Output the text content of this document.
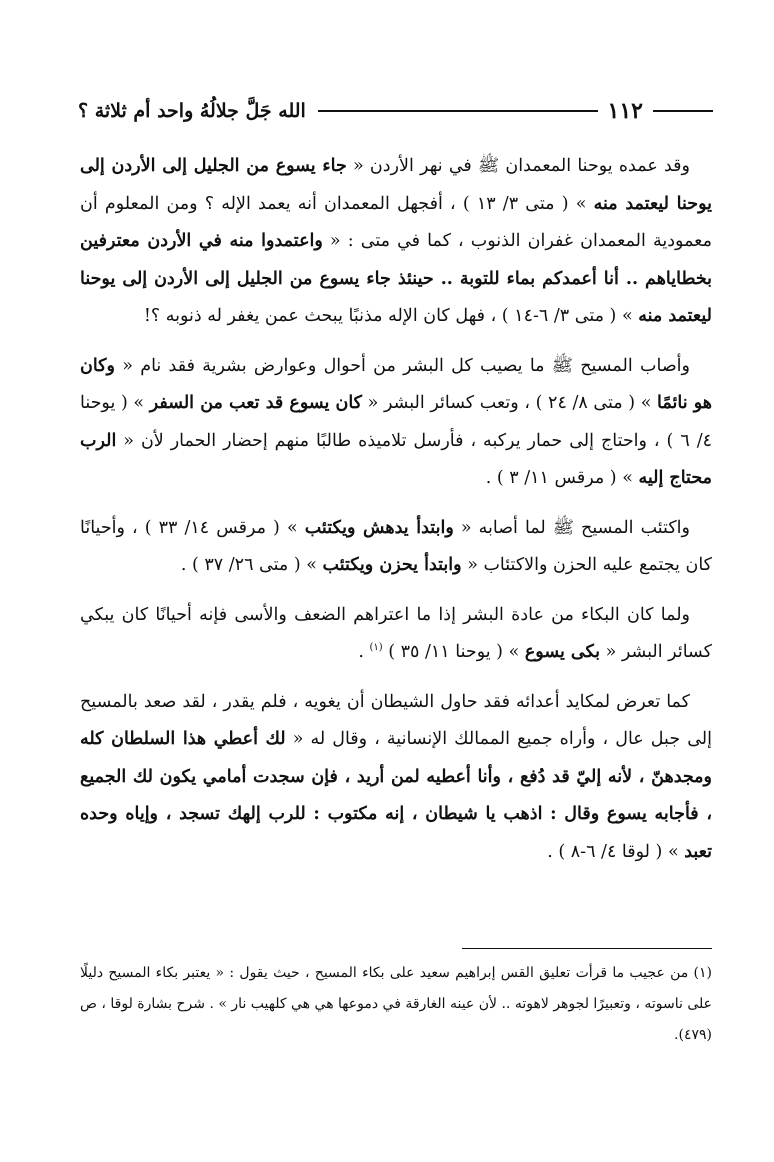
١١٢
الله جَلَّ جلالُهُ واحد أم ثلاثة ؟

وقد عمده يوحنا المعمدان ﷺ في نهر الأردن « جاء يسوع من الجليل إلى الأردن إلى يوحنا ليعتمد منه » ( متى ٣/ ١٣ ) ، أفجهل المعمدان أنه يعمد الإله ؟ ومن المعلوم أن معمودية المعمدان غفران الذنوب ، كما في متى : « واعتمدوا منه في الأردن معترفين بخطاياهم .. أنا أعمدكم بماء للتوبة .. حينئذ جاء يسوع من الجليل إلى الأردن إلى يوحنا ليعتمد منه » ( متى ٣/ ٦-١٤ ) ، فهل كان الإله مذنبًا يبحث عمن يغفر له ذنوبه ؟!

وأصاب المسيح ﷺ ما يصيب كل البشر من أحوال وعوارض بشرية فقد نام « وكان هو نائمًا » ( متى ٨/ ٢٤ ) ، وتعب كسائر البشر « كان يسوع قد تعب من السفر » ( يوحنا ٤/ ٦ ) ، واحتاج إلى حمار يركبه ، فأرسل تلاميذه طالبًا منهم إحضار الحمار لأن « الرب محتاج إليه » ( مرقس ١١/ ٣ ) .

واكتئب المسيح ﷺ لما أصابه « وابتدأ يدهش ويكتئب » ( مرقس ١٤/ ٣٣ ) ، وأحيانًا كان يجتمع عليه الحزن والاكتئاب « وابتدأ يحزن ويكتئب » ( متى ٢٦/ ٣٧ ) .

ولما كان البكاء من عادة البشر إذا ما اعتراهم الضعف والأسى فإنه أحيانًا كان يبكي كسائر البشر « بكى يسوع » ( يوحنا ١١/ ٣٥ ) $^{(١)}$ .

كما تعرض لمكايد أعدائه فقد حاول الشيطان أن يغويه ، فلم يقدر ، لقد صعد بالمسيح إلى جبل عال ، وأراه جميع الممالك الإنسانية ، وقال له « لك أعطي هذا السلطان كله ومجدهنّ ، لأنه إليّ قد دُفع ، وأنا أعطيه لمن أريد ، فإن سجدت أمامي يكون لك الجميع ، فأجابه يسوع وقال : اذهب يا شيطان ، إنه مكتوب : للرب إلهك تسجد ، وإياه وحده تعبد » ( لوقا ٤/ ٦-٨ ) .

(١) من عجيب ما قرأت تعليق القس إبراهيم سعيد على بكاء المسيح ، حيث يقول : « يعتبر بكاء المسيح دليلًا على ناسوته ، وتعبيرًا لجوهر لاهوته .. لأن عينه الغارقة في دموعها هي هي كلهيب نار » . شرح بشارة لوقا ، ص (٤٧٩).
